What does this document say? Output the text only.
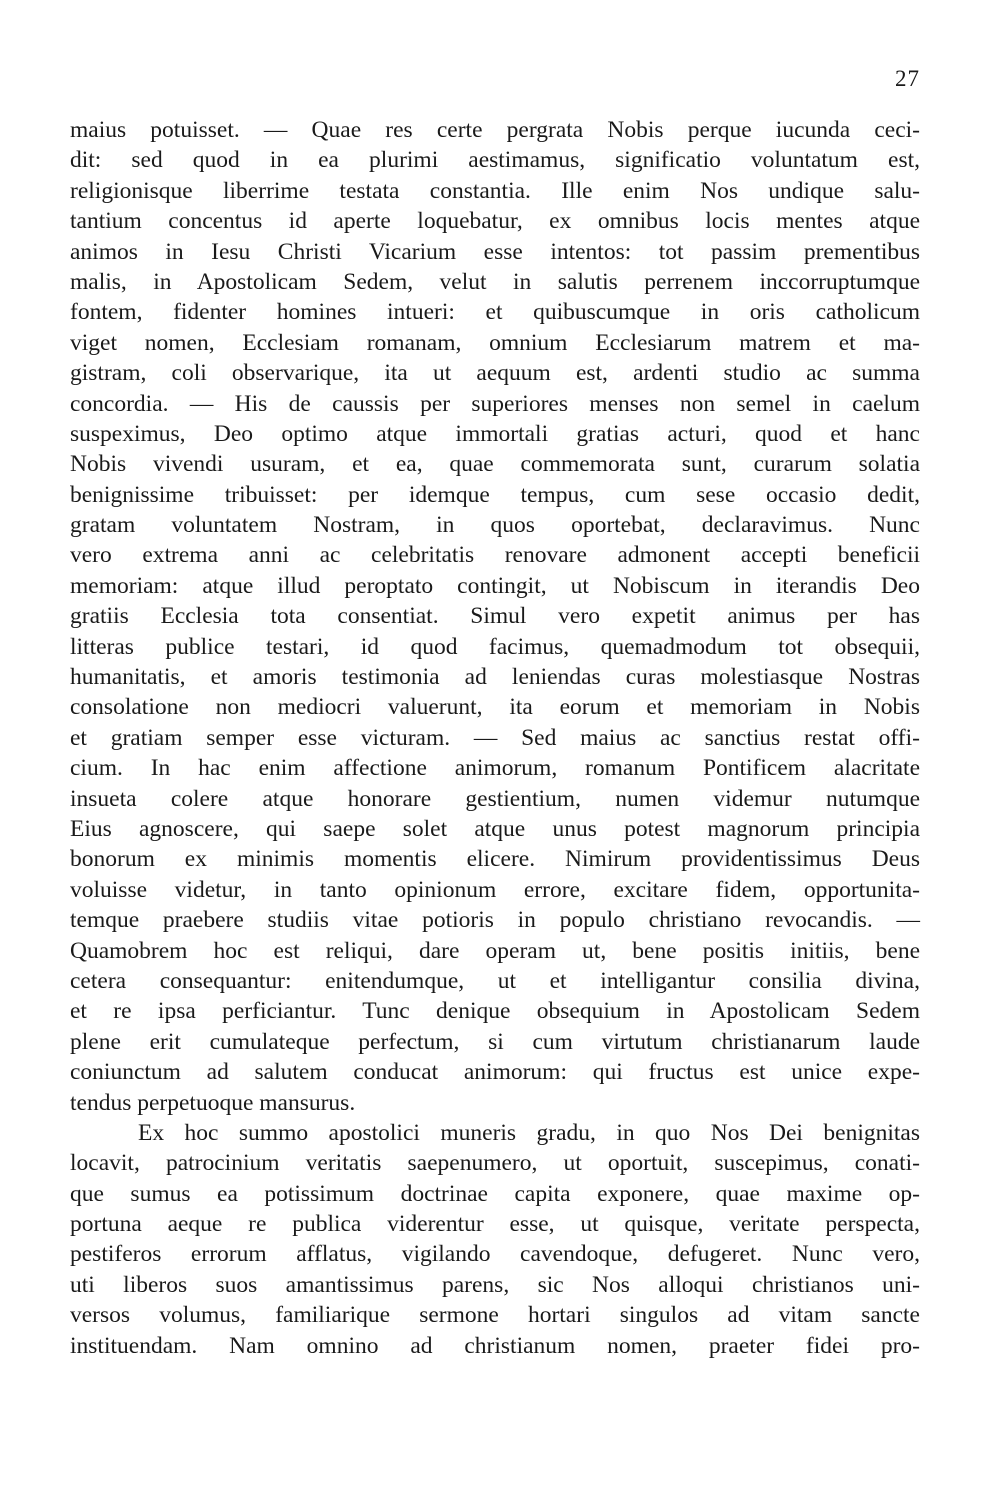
27
maius potuisset. — Quae res certe pergrata Nobis perque iucunda ceci-
dit: sed quod in ea plurimi aestimamus, significatio voluntatum est,
religionisque liberrime testata constantia. Ille enim Nos undique salu-
tantium concentus id aperte loquebatur, ex omnibus locis mentes atque
animos in Iesu Christi Vicarium esse intentos: tot passim prementibus
malis, in Apostolicam Sedem, velut in salutis perrenem inccorruptumque
fontem, fidenter homines intueri: et quibuscumque in oris catholicum
viget nomen, Ecclesiam romanam, omnium Ecclesiarum matrem et ma-
gistram, coli observarique, ita ut aequum est, ardenti studio ac summa
concordia. — His de caussis per superiores menses non semel in caelum
suspeximus, Deo optimo atque immortali gratias acturi, quod et hanc
Nobis vivendi usuram, et ea, quae commemorata sunt, curarum solatia
benignissime tribuisset: per idemque tempus, cum sese occasio dedit,
gratam voluntatem Nostram, in quos oportebat, declaravimus. Nunc
vero extrema anni ac celebritatis renovare admonent accepti beneficii
memoriam: atque illud peroptato contingit, ut Nobiscum in iterandis Deo
gratiis Ecclesia tota consentiat. Simul vero expetit animus per has
litteras publice testari, id quod facimus, quemadmodum tot obsequii,
humanitatis, et amoris testimonia ad leniendas curas molestiasque Nostras
consolatione non mediocri valuerunt, ita eorum et memoriam in Nobis
et gratiam semper esse victuram. — Sed maius ac sanctius restat offi-
cium. In hac enim affectione animorum, romanum Pontificem alacritate
insueta colere atque honorare gestientium, numen videmur nutumque
Eius agnoscere, qui saepe solet atque unus potest magnorum principia
bonorum ex minimis momentis elicere. Nimirum providentissimus Deus
voluisse videtur, in tanto opinionum errore, excitare fidem, opportunita-
temque praebere studiis vitae potioris in populo christiano revocandis. —
Quamobrem hoc est reliqui, dare operam ut, bene positis initiis, bene
cetera consequantur: enitendumque, ut et intelligantur consilia divina,
et re ipsa perficiantur. Tunc denique obsequium in Apostolicam Sedem
plene erit cumulateque perfectum, si cum virtutum christianarum laude
coniunctum ad salutem conducat animorum: qui fructus est unice expe-
tendus perpetuoque mansurus.
Ex hoc summo apostolici muneris gradu, in quo Nos Dei benignitas
locavit, patrocinium veritatis saepenumero, ut oportuit, suscepimus, conati-
que sumus ea potissimum doctrinae capita exponere, quae maxime op-
portuna aeque re publica viderentur esse, ut quisque, veritate perspecta,
pestiferos errorum afflatus, vigilando cavendoque, defugeret. Nunc vero,
uti liberos suos amantissimus parens, sic Nos alloqui christianos uni-
versos volumus, familiarique sermone hortari singulos ad vitam sancte
instituendam. Nam omnino ad christianum nomen, praeter fidei pro-
